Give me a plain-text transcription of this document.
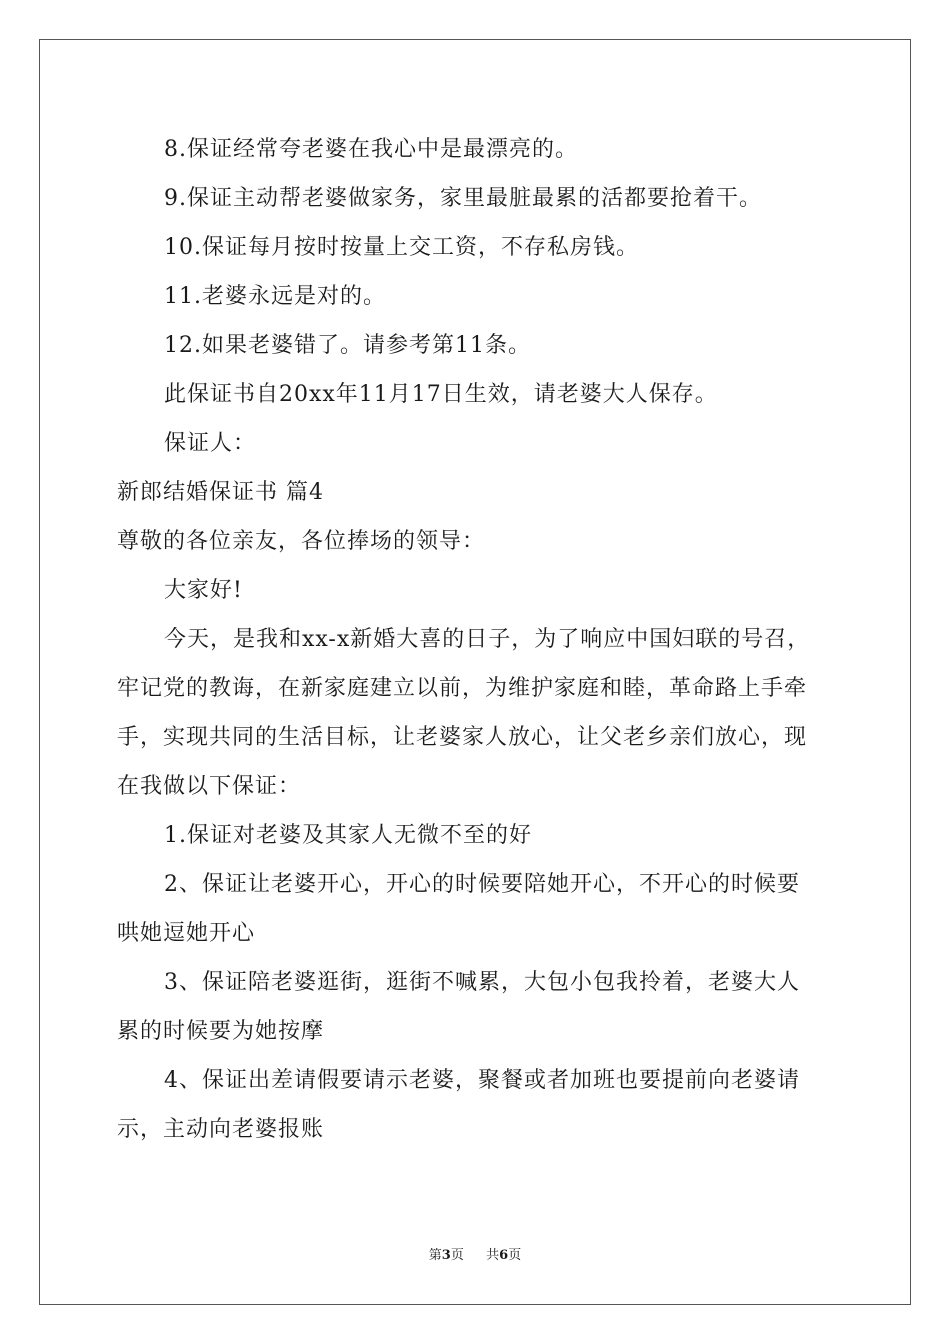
8.保证经常夸老婆在我心中是最漂亮的。
9.保证主动帮老婆做家务，家里最脏最累的活都要抢着干。
10.保证每月按时按量上交工资，不存私房钱。
11.老婆永远是对的。
12.如果老婆错了。请参考第11条。
此保证书自20xx年11月17日生效，请老婆大人保存。
保证人：
新郎结婚保证书 篇4
尊敬的各位亲友，各位捧场的领导：
大家好!
今天，是我和xx-x新婚大喜的日子，为了响应中国妇联的号召，
牢记党的教诲，在新家庭建立以前，为维护家庭和睦，革命路上手牵
手，实现共同的生活目标，让老婆家人放心，让父老乡亲们放心，现
在我做以下保证：
1.保证对老婆及其家人无微不至的好
2、保证让老婆开心，开心的时候要陪她开心，不开心的时候要
哄她逗她开心
3、保证陪老婆逛街，逛街不喊累，大包小包我拎着，老婆大人
累的时候要为她按摩
4、保证出差请假要请示老婆，聚餐或者加班也要提前向老婆请
示，主动向老婆报账
第3页 共6页
